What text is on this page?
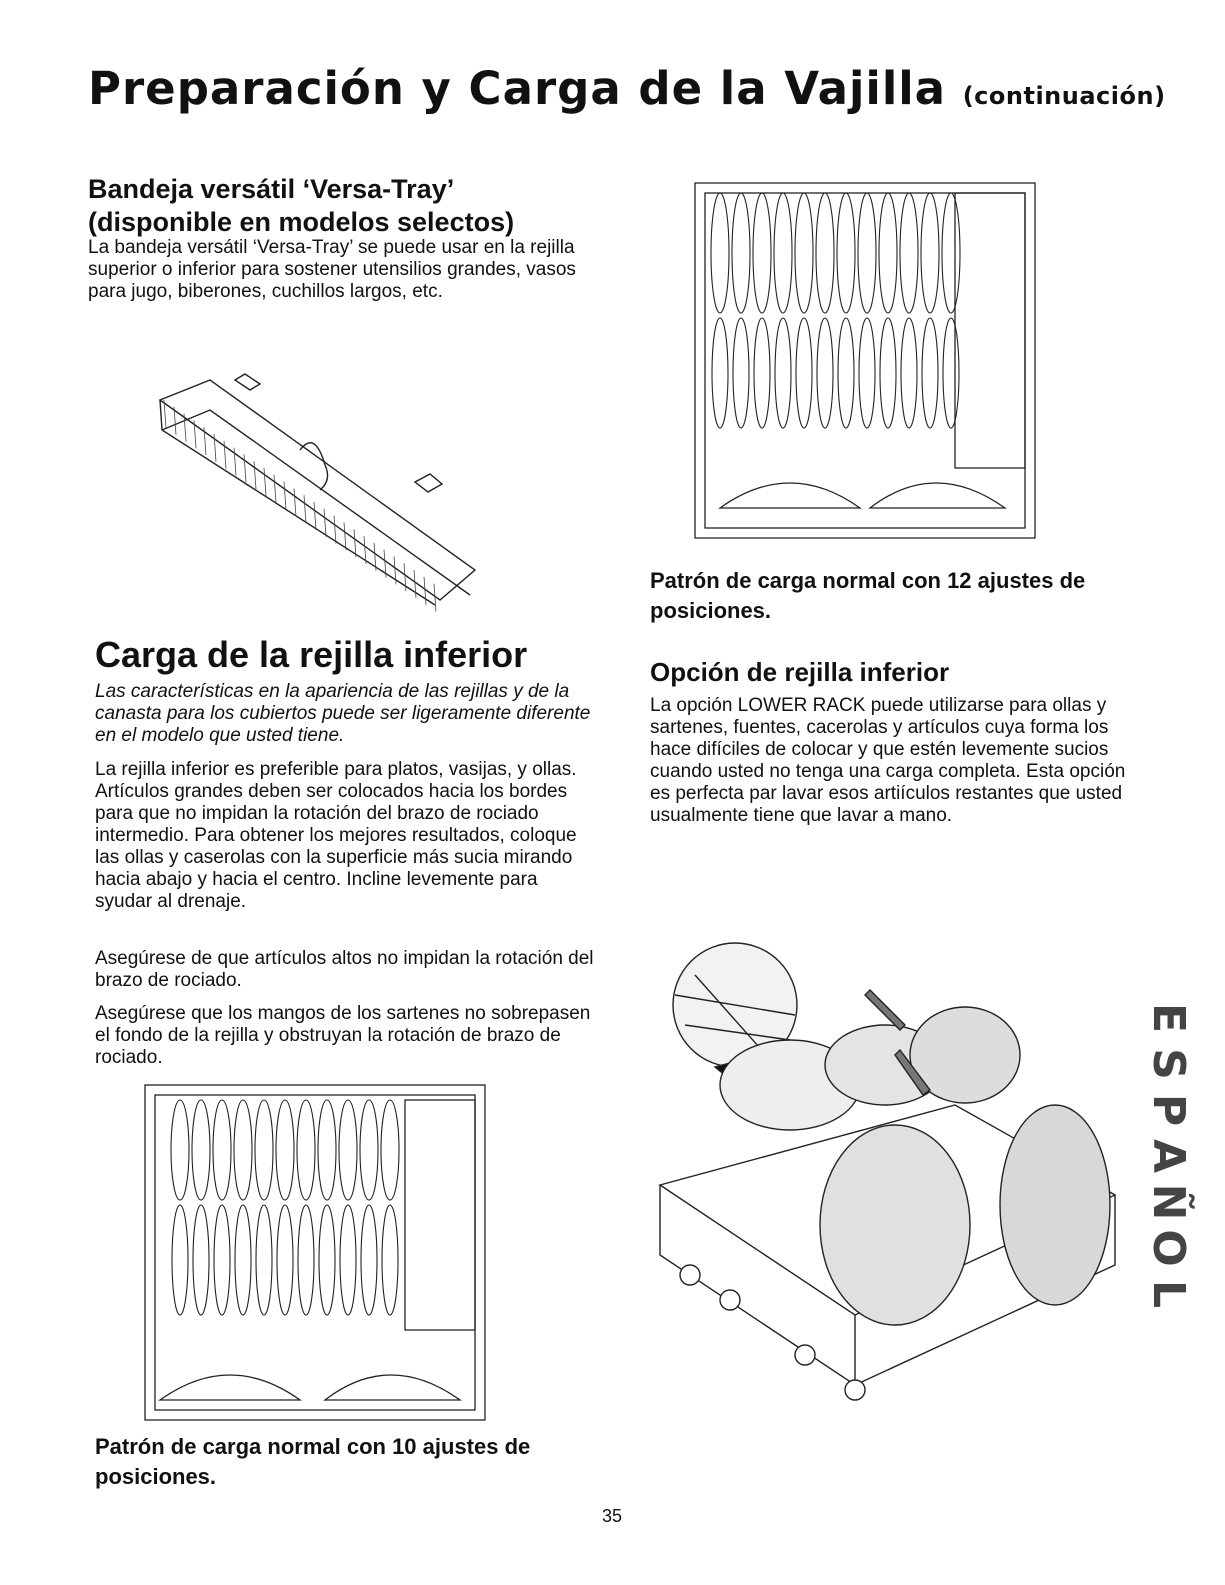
Preparación y Carga de la Vajilla (continuación)
Bandeja versátil ‘Versa-Tray’
(disponible en modelos selectos)

La bandeja versátil ‘Versa-Tray’ se puede usar en la rejilla superior o inferior para sostener utensilios grandes, vasos para jugo, biberones, cuchillos largos, etc.

Carga de la rejilla inferior

Las características en la apariencia de las rejillas y de la canasta para los cubiertos puede ser ligeramente diferente en el modelo que usted tiene.

La rejilla inferior es preferible para platos, vasijas, y ollas. Artículos grandes deben ser colocados hacia los bordes para que no impidan la rotación del brazo de rociado intermedio. Para obtener los mejores resultados, coloque las ollas y caserolas con la superficie más sucia mirando hacia abajo y hacia el centro. Incline levemente para syudar al drenaje.

Asegúrese de que artículos altos no impidan la rotación del brazo de rociado.

Asegúrese que los mangos de los sartenes no sobrepasen el fondo de la rejilla y obstruyan la rotación de brazo de rociado.

Patrón de carga normal con 10 ajustes de posiciones.
Patrón de carga normal con 12 ajustes de posiciones.
Opción de rejilla inferior

La opción LOWER RACK puede utilizarse para ollas y sartenes, fuentes, cacerolas y artículos cuya forma los hace difíciles de colocar y que estén levemente sucios cuando usted no tenga una carga completa. Esta opción es perfecta par lavar esos artiículos restantes que usted usualmente tiene que lavar a mano.

E
S
P
A
Ñ
O
L
35
